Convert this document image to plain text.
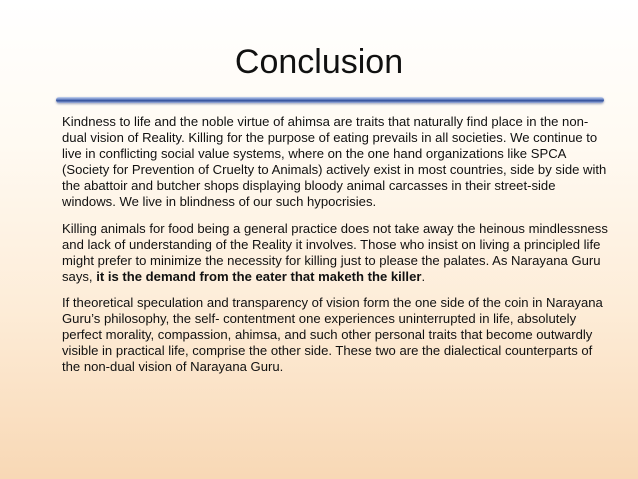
Conclusion

Kindness to life and the noble virtue of ahimsa are traits that naturally find place in the non-dual vision of Reality. Killing for the purpose of eating prevails in all societies. We continue to live in conflicting social value systems, where on the one hand organizations like SPCA (Society for Prevention of Cruelty to Animals) actively exist in most countries, side by side with the abattoir and butcher shops displaying bloody animal carcasses in their street-side windows. We live in blindness of our such hypocrisies.

Killing animals for food being a general practice does not take away the heinous mindlessness and lack of understanding of the Reality it involves. Those who insist on living a principled life might prefer to minimize the necessity for killing just to please the palates. As Narayana Guru says, it is the demand from the eater that maketh the killer.

If theoretical speculation and transparency of vision form the one side of the coin in Narayana Guru’s philosophy, the self- contentment one experiences uninterrupted in life, absolutely perfect morality, compassion, ahimsa, and such other personal traits that become outwardly visible in practical life, comprise the other side. These two are the dialectical counterparts of the non-dual vision of Narayana Guru.
